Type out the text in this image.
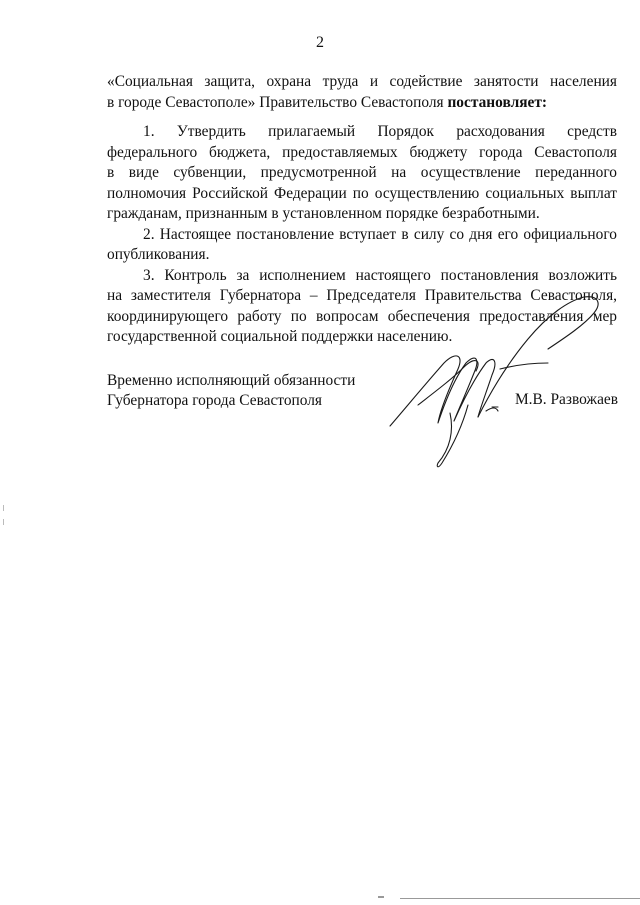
2

«Социальная защита, охрана труда и содействие занятости населения

в городе Севастополе» Правительство Севастополя постановляет:

1. Утвердить прилагаемый Порядок расходования средств

федерального бюджета, предоставляемых бюджету города Севастополя

в виде субвенции, предусмотренной на осуществление переданного

полномочия Российской Федерации по осуществлению социальных выплат

гражданам, признанным в установленном порядке безработными.

2. Настоящее постановление вступает в силу со дня его официального

опубликования.

3. Контроль за исполнением настоящего постановления возложить

на заместителя Губернатора – Председателя Правительства Севастополя,

координирующего работу по вопросам обеспечения предоставления мер

государственной социальной поддержки населению.

Временно исполняющий обязанности
Губернатора города Севастополя	М.В. Развожаев
